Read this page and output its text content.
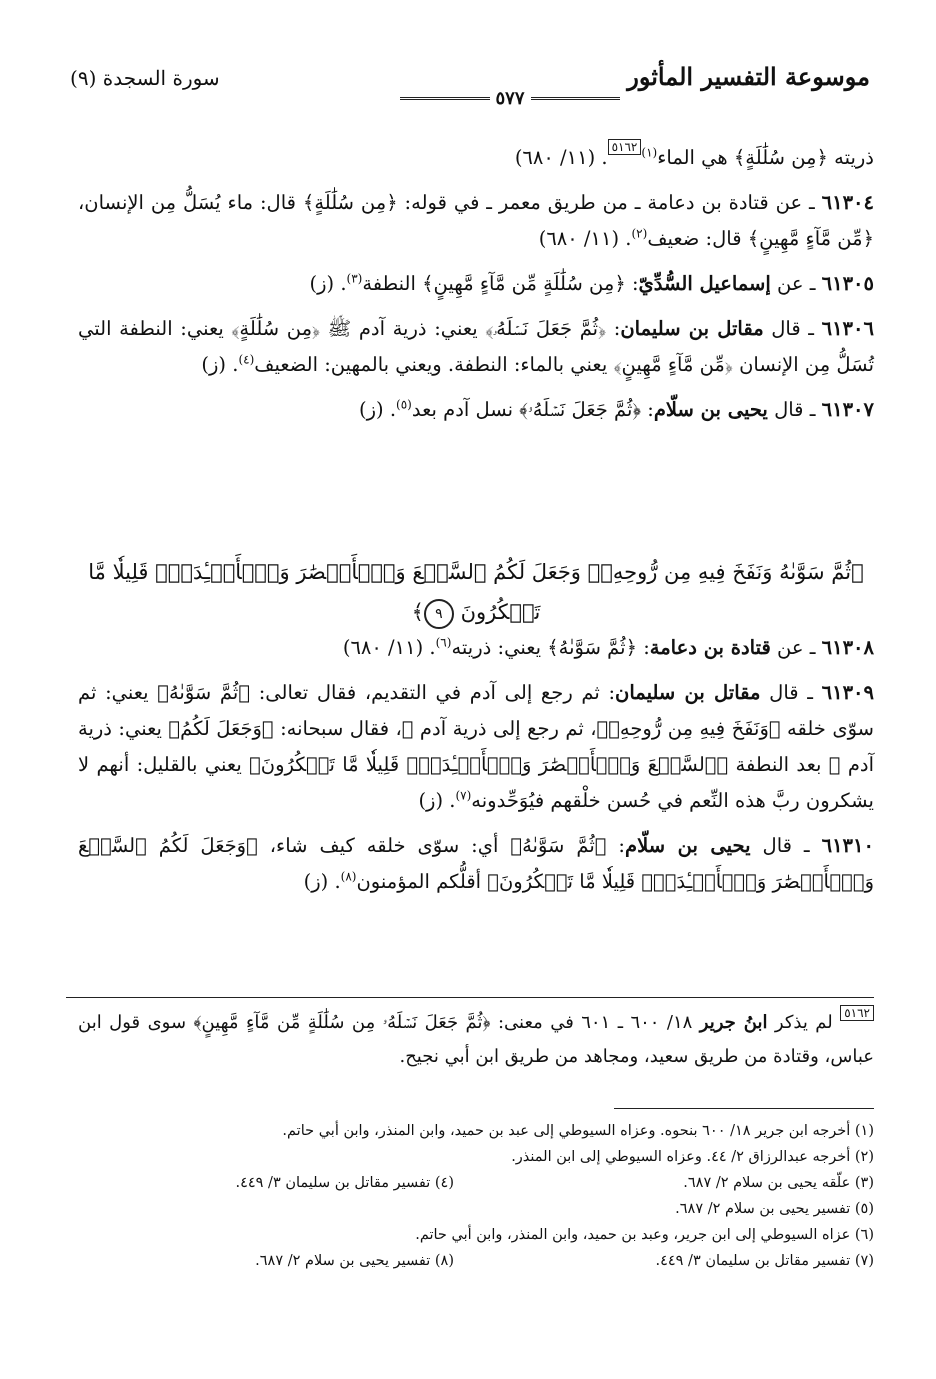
موسوعة التفسير المأثور
٥٧٧
سورة السجدة (٩)

ذريته ﴿مِن سُلَٰلَةٍ﴾ هي الماء$^{(١)٥١٦٢}$. (١١/ ٦٨٠)

٦١٣٠٤ ـ عن قتادة بن دعامة ـ من طريق معمر ـ في قوله: ﴿مِن سُلَٰلَةٍ﴾ قال: ماء يُسَلُّ مِن الإنسان، ﴿مِّن مَّآءٍ مَّهِينٍ﴾ قال: ضعيف$^{(٢)}$. (١١/ ٦٨٠)

٦١٣٠٥ ـ عن إسماعيل السُّدِّيّ: ﴿مِن سُلَٰلَةٍ مِّن مَّآءٍ مَّهِينٍ﴾ النطفة$^{(٣)}$. (ز)

٦١٣٠٦ ـ قال مقاتل بن سليمان: ﴿ثُمَّ جَعَلَ نَسۡلَهُۥ﴾ يعني: ذرية آدم ﷺ ﴿مِن سُلَٰلَةٍ﴾ يعني: النطفة التي تُسَلُّ مِن الإنسان ﴿مِّن مَّآءٍ مَّهِينٍ﴾ يعني بالماء: النطفة. ويعني بالمهين: الضعيف$^{(٤)}$. (ز)

٦١٣٠٧ ـ قال يحيى بن سلّام: ﴿ثُمَّ جَعَلَ نَسۡلَهُۥ﴾ نسل آدم بعد$^{(٥)}$. (ز)

﴿ثُمَّ سَوَّىٰهُ وَنَفَخَ فِيهِ مِن رُّوحِهِۦۖ وَجَعَلَ لَكُمُ ٱلسَّمۡعَ وَٱلۡأَبۡصَٰرَ وَٱلۡأَفۡـِٔدَةَۚ قَلِيلٗا مَّا تَشۡكُرُونَ ٩﴾

٦١٣٠٨ ـ عن قتادة بن دعامة: ﴿ثُمَّ سَوَّىٰهُ﴾ يعني: ذريته$^{(٦)}$. (١١/ ٦٨٠)

٦١٣٠٩ ـ قال مقاتل بن سليمان: ثم رجع إلى آدم في التقديم، فقال تعالى: ﴿ثُمَّ سَوَّىٰهُ﴾ يعني: ثم سوّى خلقه ﴿وَنَفَخَ فِيهِ مِن رُّوحِهِۦ﴾، ثم رجع إلى ذرية آدم ﷺ، فقال سبحانه: ﴿وَجَعَلَ لَكُمُ﴾ يعني: ذرية آدم ﷺ بعد النطفة ﴿ٱلسَّمۡعَ وَٱلۡأَبۡصَٰرَ وَٱلۡأَفۡـِٔدَةَۚ قَلِيلٗا مَّا تَشۡكُرُونَ﴾ يعني بالقليل: أنهم لا يشكرون ربَّ هذه النِّعم في حُسن خلْقهم فيُوَحِّدونه$^{(٧)}$. (ز)

٦١٣١٠ ـ قال يحيى بن سلّام: ﴿ثُمَّ سَوَّىٰهُ﴾ أي: سوّى خلقه كيف شاء، ﴿وَجَعَلَ لَكُمُ ٱلسَّمۡعَ وَٱلۡأَبۡصَٰرَ وَٱلۡأَفۡـِٔدَةَۚ قَلِيلٗا مَّا تَشۡكُرُونَ﴾ أقلُّكم المؤمنون$^{(٨)}$. (ز)

$^{٥١٦٢}$ لم يذكر ابنُ جرير ١٨/ ٦٠٠ ـ ٦٠١ في معنى: ﴿ثُمَّ جَعَلَ نَسۡلَهُۥ مِن سُلَٰلَةٍ مِّن مَّآءٍ مَّهِينٍ﴾ سوى قول ابن عباس، وقتادة من طريق سعيد، ومجاهد من طريق ابن أبي نجيح.

(١) أخرجه ابن جرير ١٨/ ٦٠٠ بنحوه. وعزاه السيوطي إلى عبد بن حميد، وابن المنذر، وابن أبي حاتم.
(٢) أخرجه عبدالرزاق ٢/ ٤٤. وعزاه السيوطي إلى ابن المنذر.
(٣) علّقه يحيى بن سلام ٢/ ٦٨٧.
(٤) تفسير مقاتل بن سليمان ٣/ ٤٤٩.
(٥) تفسير يحيى بن سلام ٢/ ٦٨٧.
(٦) عزاه السيوطي إلى ابن جرير، وعبد بن حميد، وابن المنذر، وابن أبي حاتم.
(٧) تفسير مقاتل بن سليمان ٣/ ٤٤٩.
(٨) تفسير يحيى بن سلام ٢/ ٦٨٧.
